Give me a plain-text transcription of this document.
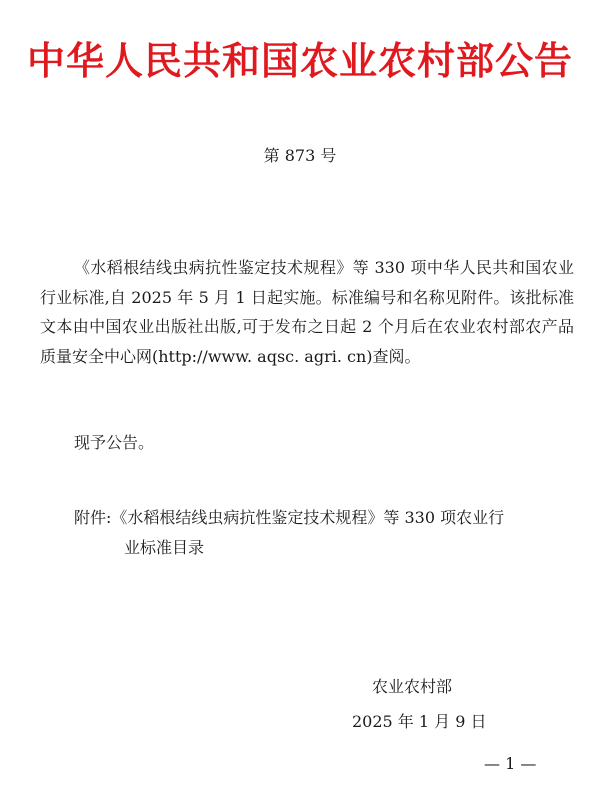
中华人民共和国农业农村部公告
第 873 号

《水稻根结线虫病抗性鉴定技术规程》等 330 项中华人民共和国农业行业标准,自 2025 年 5 月 1 日起实施。标准编号和名称见附件。该批标准文本由中国农业出版社出版,可于发布之日起 2 个月后在农业农村部农产品质量安全中心网(http://www. aqsc. agri. cn)查阅。

现予公告。

附件:《水稻根结线虫病抗性鉴定技术规程》等 330 项农业行
业标准目录
农业农村部
2025 年 1 月 9 日
— 1 —
